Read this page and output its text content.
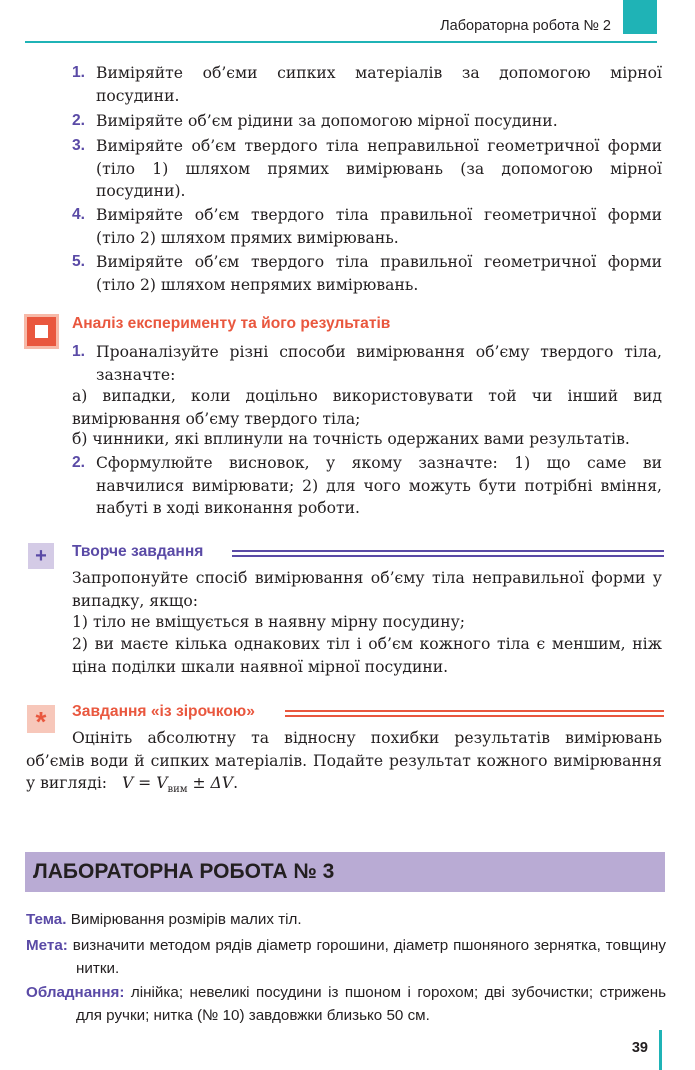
Лабораторна робота № 2
1. Виміряйте об’єми сипких матеріалів за допомогою мірної посудини.
2. Виміряйте об’єм рідини за допомогою мірної посудини.
3. Виміряйте об’єм твердого тіла неправильної геометричної форми (тіло 1) шляхом прямих вимірювань (за допомогою мірної посудини).
4. Виміряйте об’єм твердого тіла правильної геометричної форми (тіло 2) шляхом прямих вимірювань.
5. Виміряйте об’єм твердого тіла правильної геометричної форми (тіло 2) шляхом непрямих вимірювань.
Аналіз експерименту та його результатів
1. Проаналізуйте різні способи вимірювання об’єму твердого тіла, зазначте:
а) випадки, коли доцільно використовувати той чи інший вид вимірювання об’єму твердого тіла;
б) чинники, які вплинули на точність одержаних вами результатів.
2. Сформулюйте висновок, у якому зазначте: 1) що саме ви навчилися вимірювати; 2) для чого можуть бути потрібні вміння, набуті в ході виконання роботи.
+	Творче завдання
Запропонуйте спосіб вимірювання об’єму тіла неправильної форми у випадку, якщо:
1) тіло не вміщується в наявну мірну посудину;
2) ви маєте кілька однакових тіл і об’єм кожного тіла є меншим, ніж ціна поділки шкали наявної мірної посудини.
*	Завдання «із зірочкою»
Оцініть абсолютну та відносну похибки результатів вимірювань об’ємів води й сипких матеріалів. Подайте результат кожного вимірювання у вигляді: $V = V_{вим} \pm \Delta V$.
ЛАБОРАТОРНА РОБОТА № 3
Тема. Вимірювання розмірів малих тіл.
Мета: визначити методом рядів діаметр горошини, діаметр пшоняного зернятка, товщину нитки.
Обладнання: лінійка; невеликі посудини із пшоном і горохом; дві зубочистки; стрижень для ручки; нитка (№ 10) завдовжки близько 50 см.
39
